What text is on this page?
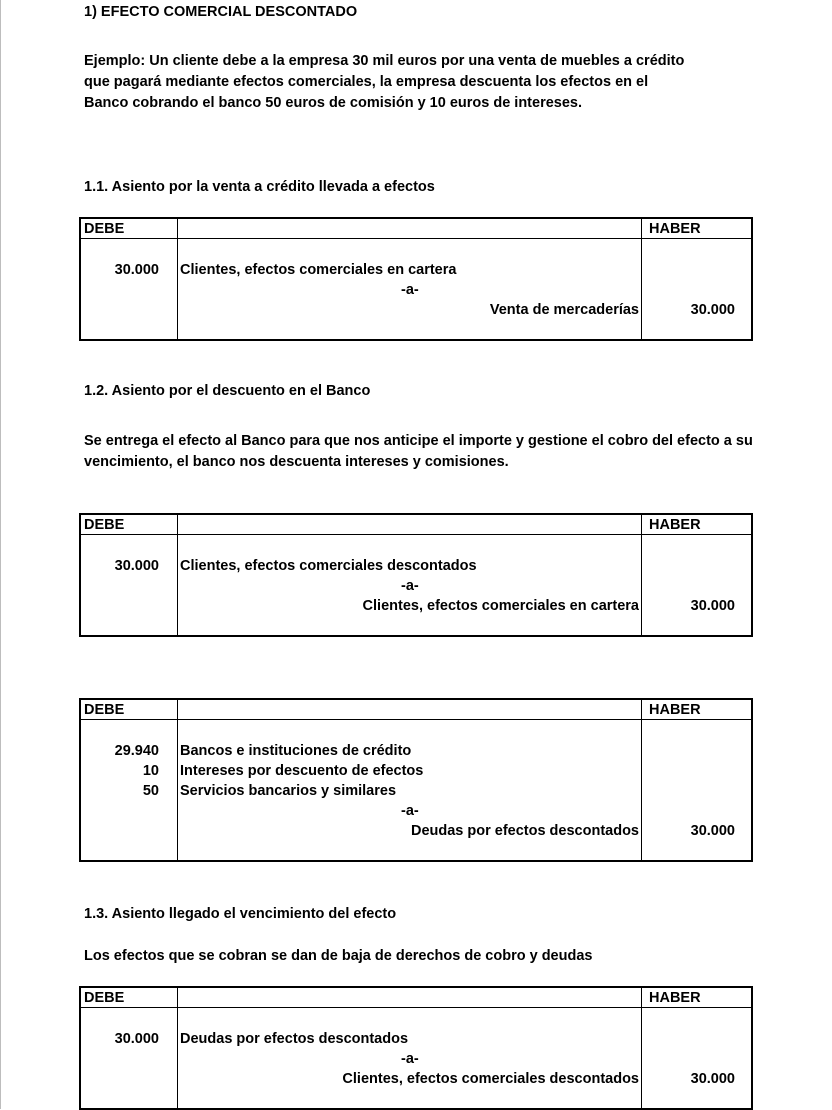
1) EFECTO COMERCIAL DESCONTADO
Ejemplo: Un cliente debe a la empresa 30 mil euros por una venta de muebles a crédito
que pagará mediante efectos comerciales, la empresa descuenta los efectos en el
Banco cobrando el banco 50 euros de comisión y 10 euros de intereses.
1.1. Asiento por la venta a crédito llevada a efectos
DEBE	HABER
30.000 Clientes, efectos comerciales en cartera
-a-
Venta de mercaderías	30.000
1.2. Asiento por el descuento en el Banco
Se entrega el efecto al Banco para que nos anticipe el importe y gestione el cobro del efecto a su
vencimiento, el banco nos descuenta intereses y comisiones.
DEBE	HABER
30.000 Clientes, efectos comerciales descontados
-a-
Clientes, efectos comerciales en cartera	30.000
DEBE	HABER
29.940 Bancos e instituciones de crédito
10 Intereses por descuento de efectos
50 Servicios bancarios y similares
-a-
Deudas por efectos descontados	30.000
1.3. Asiento llegado el vencimiento del efecto
Los efectos que se cobran se dan de baja de derechos de cobro y deudas
DEBE	HABER
30.000 Deudas por efectos descontados
-a-
Clientes, efectos comerciales descontados	30.000
